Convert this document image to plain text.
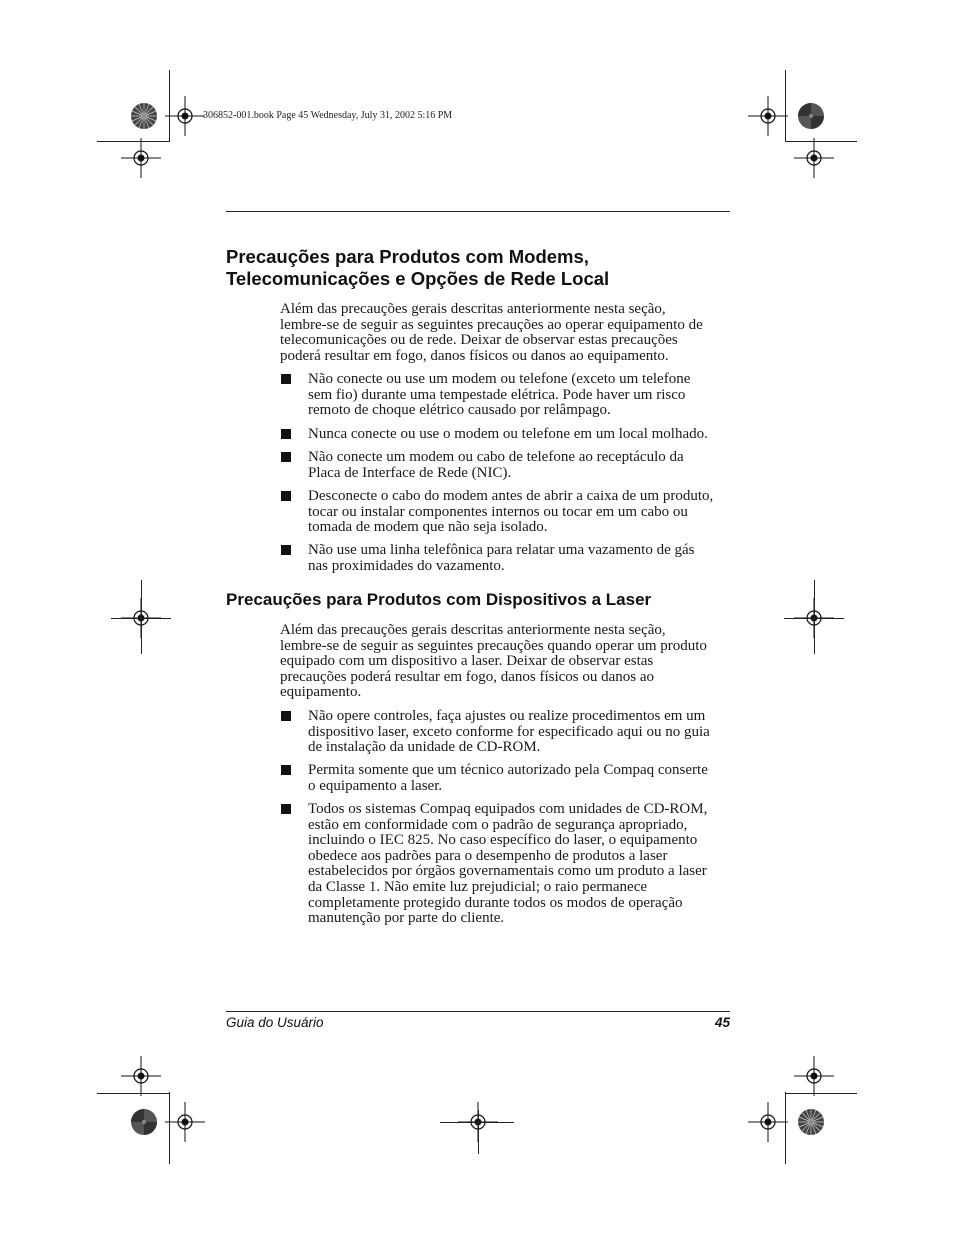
306852-001.book Page 45 Wednesday, July 31, 2002 5:16 PM
Precauções para Produtos com Modems,
Telecomunicações e Opções de Rede Local
Além das precauções gerais descritas anteriormente nesta seção,
lembre-se de seguir as seguintes precauções ao operar equipamento de
telecomunicações ou de rede. Deixar de observar estas precauções
poderá resultar em fogo, danos físicos ou danos ao equipamento.
Não conecte ou use um modem ou telefone (exceto um telefone
sem fio) durante uma tempestade elétrica. Pode haver um risco
remoto de choque elétrico causado por relâmpago.
Nunca conecte ou use o modem ou telefone em um local molhado.
Não conecte um modem ou cabo de telefone ao receptáculo da
Placa de Interface de Rede (NIC).
Desconecte o cabo do modem antes de abrir a caixa de um produto,
tocar ou instalar componentes internos ou tocar em um cabo ou
tomada de modem que não seja isolado.
Não use uma linha telefônica para relatar uma vazamento de gás
nas proximidades do vazamento.
Precauções para Produtos com Dispositivos a Laser
Além das precauções gerais descritas anteriormente nesta seção,
lembre-se de seguir as seguintes precauções quando operar um produto
equipado com um dispositivo a laser. Deixar de observar estas
precauções poderá resultar em fogo, danos físicos ou danos ao
equipamento.
Não opere controles, faça ajustes ou realize procedimentos em um
dispositivo laser, exceto conforme for especificado aqui ou no guia
de instalação da unidade de CD-ROM.
Permita somente que um técnico autorizado pela Compaq conserte
o equipamento a laser.
Todos os sistemas Compaq equipados com unidades de CD-ROM,
estão em conformidade com o padrão de segurança apropriado,
incluindo o IEC 825. No caso específico do laser, o equipamento
obedece aos padrões para o desempenho de produtos a laser
estabelecidos por órgãos governamentais como um produto a laser
da Classe 1. Não emite luz prejudicial; o raio permanece
completamente protegido durante todos os modos de operação
manutenção por parte do cliente.
Guia do Usuário	45
